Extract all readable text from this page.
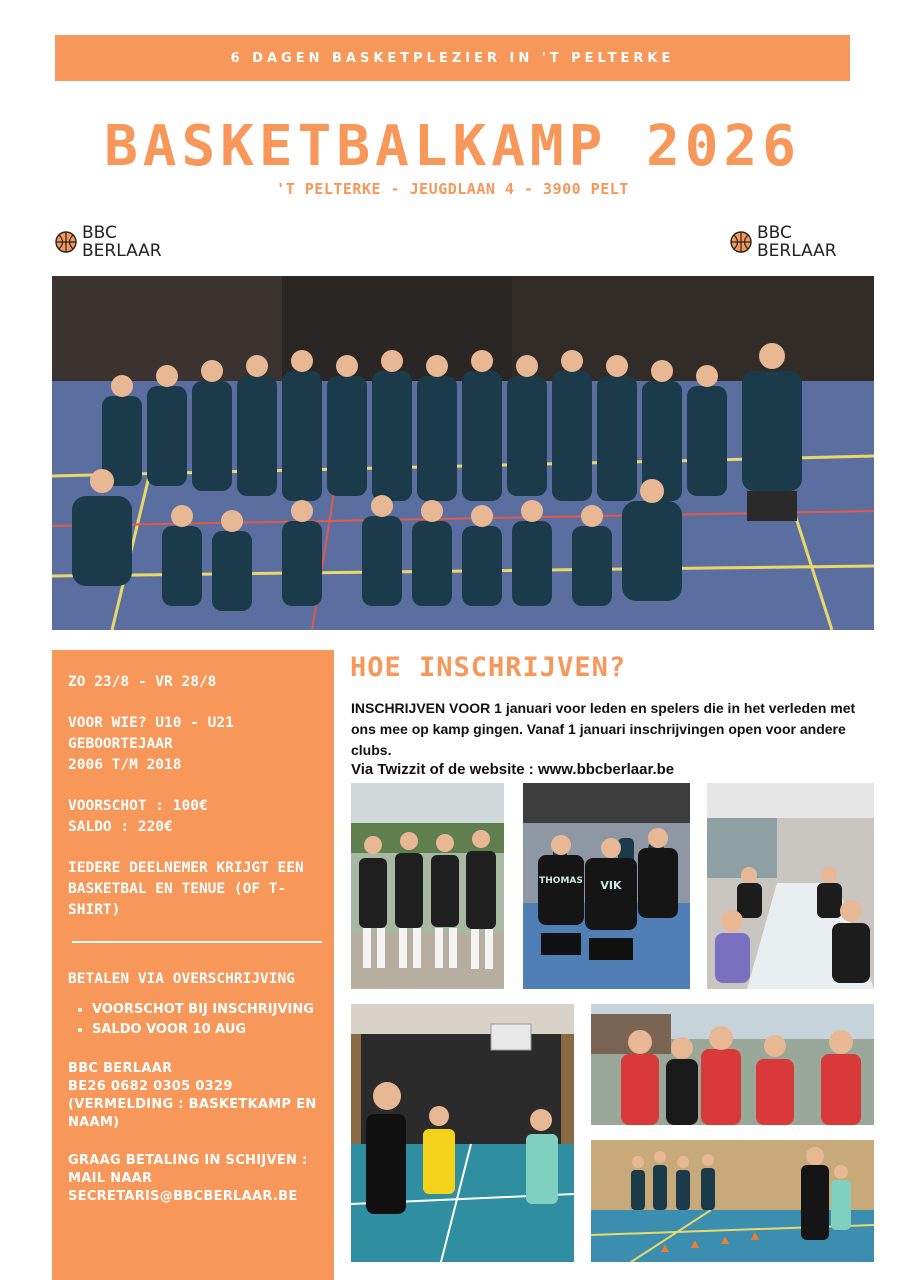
6 DAGEN BASKETPLEZIER IN 'T PELTERKE
BASKETBALKAMP 2026
'T PELTERKE - JEUGDLAAN 4 - 3900 PELT
BBC
BERLAAR
BBC
BERLAAR

ZO 23/8 - VR 28/8

VOOR WIE? U10 - U21
GEBOORTEJAAR
2006 T/M 2018

VOORSCHOT : 100€
SALDO : 220€

IEDERE DEELNEMER KRIJGT EEN BASKETBAL EN TENUE (OF T-SHIRT)

BETALEN VIA OVERSCHRIJVING

• VOORSCHOT BIJ INSCHRIJVING
• SALDO VOOR 10 AUG

BBC BERLAAR
BE26 0682 0305 0329
(VERMELDING : BASKETKAMP EN NAAM)

GRAAG BETALING IN SCHIJVEN :
MAIL NAAR
SECRETARIS@BBCBERLAAR.BE

HOE INSCHRIJVEN?
INSCHRIJVEN VOOR 1 januari voor leden en spelers die in het verleden met ons mee op kamp gingen. Vanaf 1 januari inschrijvingen open voor andere clubs.
Via Twizzit of de website : www.bbcberlaar.be
THOMAS VIK
